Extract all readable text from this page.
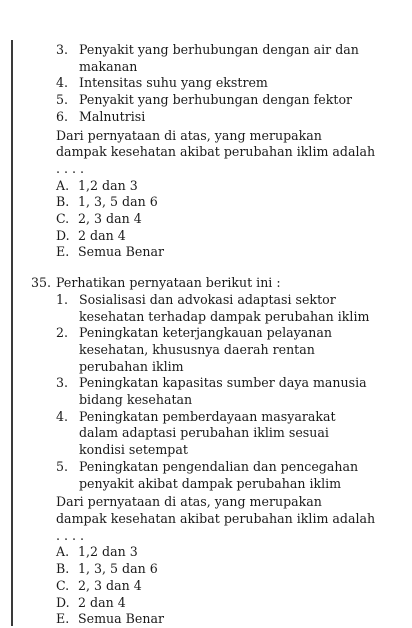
3. Penyakit yang berhubungan dengan air dan makanan
4. Intensitas suhu yang ekstrem
5. Penyakit yang berhubungan dengan fektor
6. Malnutrisi
Dari pernyataan di atas, yang merupakan dampak kesehatan akibat perubahan iklim adalah . . . .
A. 1,2 dan 3
B. 1, 3, 5 dan 6
C. 2, 3 dan 4
D. 2 dan 4
E. Semua Benar
35. Perhatikan pernyataan berikut ini :
1. Sosialisasi dan advokasi adaptasi sektor kesehatan terhadap dampak perubahan iklim
2. Peningkatan keterjangkauan pelayanan kesehatan, khususnya daerah rentan perubahan iklim
3. Peningkatan kapasitas sumber daya manusia bidang kesehatan
4. Peningkatan pemberdayaan masyarakat dalam adaptasi perubahan iklim sesuai kondisi setempat
5. Peningkatan pengendalian dan pencegahan penyakit akibat dampak perubahan iklim
Dari pernyataan di atas, yang merupakan dampak kesehatan akibat perubahan iklim adalah . . . .
A. 1,2 dan 3
B. 1, 3, 5 dan 6
C. 2, 3 dan 4
D. 2 dan 4
E. Semua Benar
